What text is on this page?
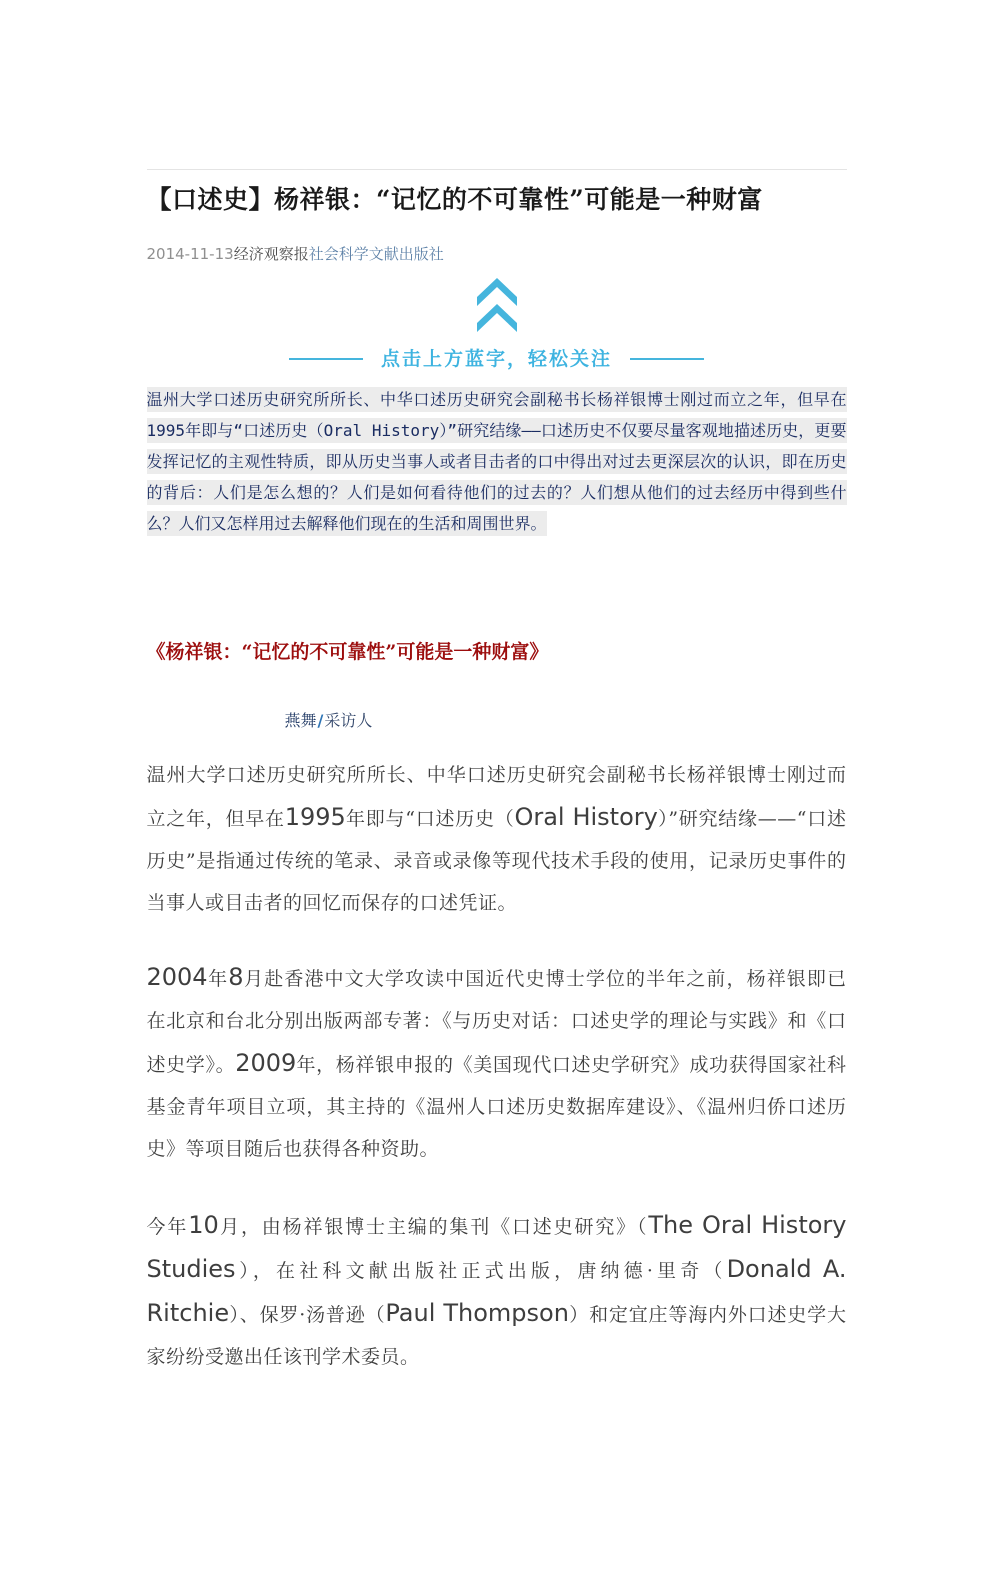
【口述史】杨祥银：“记忆的不可靠性”可能是一种财富
2014-11-13经济观察报社会科学文献出版社
点击上方蓝字，轻松关注
温州大学口述历史研究所所长、中华口述历史研究会副秘书长杨祥银博士刚过而立之年，但早在1995年即与“口述历史（Oral History）”研究结缘——口述历史不仅要尽量客观地描述历史，更要发挥记忆的主观性特质，即从历史当事人或者目击者的口中得出对过去更深层次的认识，即在历史的背后：人们是怎么想的？人们是如何看待他们的过去的？人们想从他们的过去经历中得到些什么？人们又怎样用过去解释他们现在的生活和周围世界。
《杨祥银：“记忆的不可靠性”可能是一种财富》
燕舞/采访人

温州大学口述历史研究所所长、中华口述历史研究会副秘书长杨祥银博士刚过而立之年，但早在1995年即与“口述历史（Oral History）”研究结缘——“口述历史”是指通过传统的笔录、录音或录像等现代技术手段的使用，记录历史事件的当事人或目击者的回忆而保存的口述凭证。

2004年8月赴香港中文大学攻读中国近代史博士学位的半年之前，杨祥银即已在北京和台北分别出版两部专著：《与历史对话：口述史学的理论与实践》和《口述史学》。2009年，杨祥银申报的《美国现代口述史学研究》成功获得国家社科基金青年项目立项，其主持的《温州人口述历史数据库建设》、《温州归侨口述历史》等项目随后也获得各种资助。

今年10月，由杨祥银博士主编的集刊《口述史研究》（The Oral History Studies），在社科文献出版社正式出版，唐纳德·里奇（Donald A. Ritchie）、保罗·汤普逊（Paul Thompson）和定宜庄等海内外口述史学大家纷纷受邀出任该刊学术委员。
